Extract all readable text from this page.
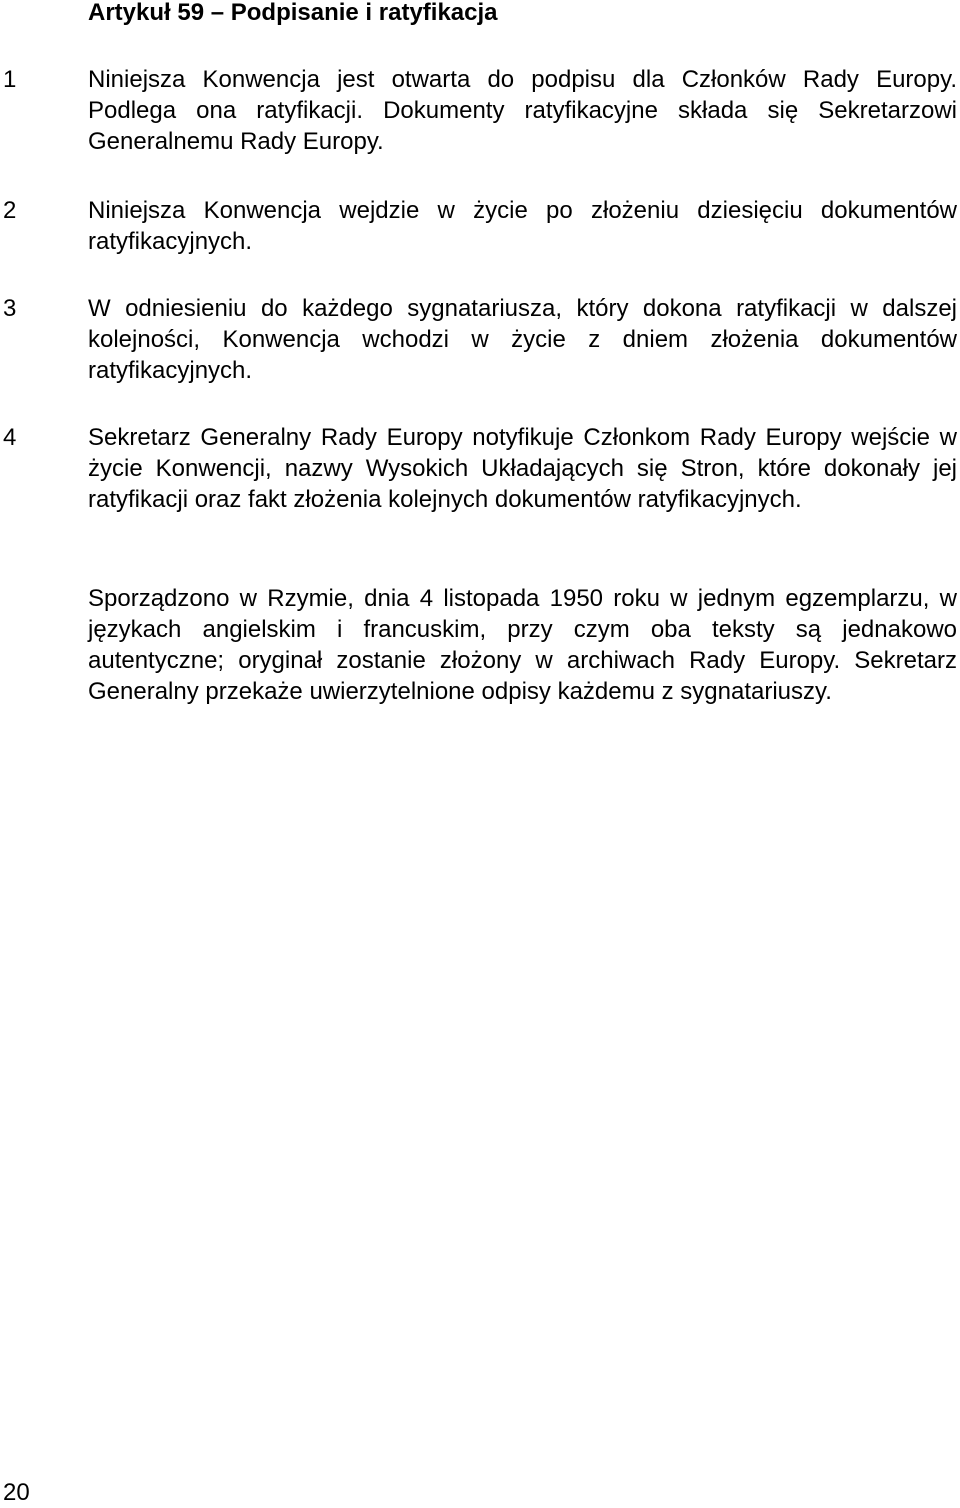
Artykuł 59 – Podpisanie i ratyfikacja
1	Niniejsza Konwencja jest otwarta do podpisu dla Członków Rady Europy. Podlega ona ratyfikacji. Dokumenty ratyfikacyjne składa się Sekretarzowi Generalnemu Rady Europy.
2	Niniejsza Konwencja wejdzie w życie po złożeniu dziesięciu dokumentów ratyfikacyjnych.
3	W odniesieniu do każdego sygnatariusza, który dokona ratyfikacji w dalszej kolejności, Konwencja wchodzi w życie z dniem złożenia dokumentów ratyfikacyjnych.
4	Sekretarz Generalny Rady Europy notyfikuje Członkom Rady Europy wejście w życie Konwencji, nazwy Wysokich Układających się Stron, które dokonały jej ratyfikacji oraz fakt złożenia kolejnych dokumentów ratyfikacyjnych.
Sporządzono w Rzymie, dnia 4 listopada 1950 roku w jednym egzemplarzu, w językach angielskim i francuskim, przy czym oba teksty są jednakowo autentyczne; oryginał zostanie złożony w archiwach Rady Europy. Sekretarz Generalny przekaże uwierzytelnione odpisy każdemu z sygnatariuszy.
20
